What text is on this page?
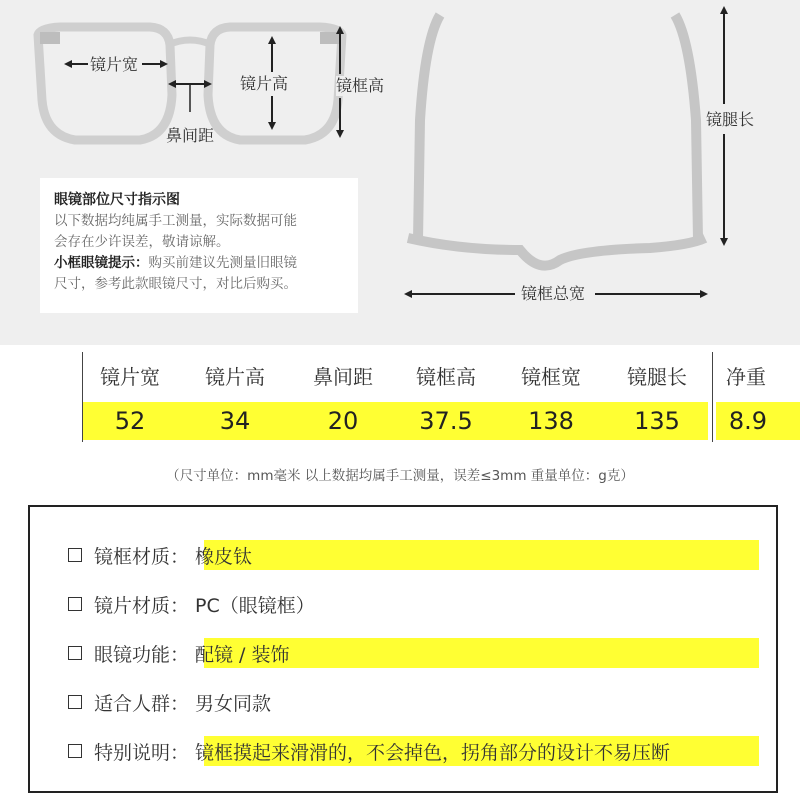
镜片宽
镜片高
鼻间距
镜框高
镜腿长
镜框总宽
眼镜部位尺寸指示图
以下数据均纯属手工测量，实际数据可能
会存在少许误差，敬请谅解。
小框眼镜提示：购买前建议先测量旧眼镜
尺寸，参考此款眼镜尺寸，对比后购买。
镜片宽	镜片高	鼻间距	镜框高	镜框宽	镜腿长	净重
52	34	20	37.5	138	135	8.9
（尺寸单位：mm毫米 以上数据均属手工测量，误差≤3mm 重量单位：g克）
镜框材质： 橡皮钛
镜片材质： PC（眼镜框）
眼镜功能： 配镜 / 装饰
适合人群： 男女同款
特别说明： 镜框摸起来滑滑的，不会掉色，拐角部分的设计不易压断
